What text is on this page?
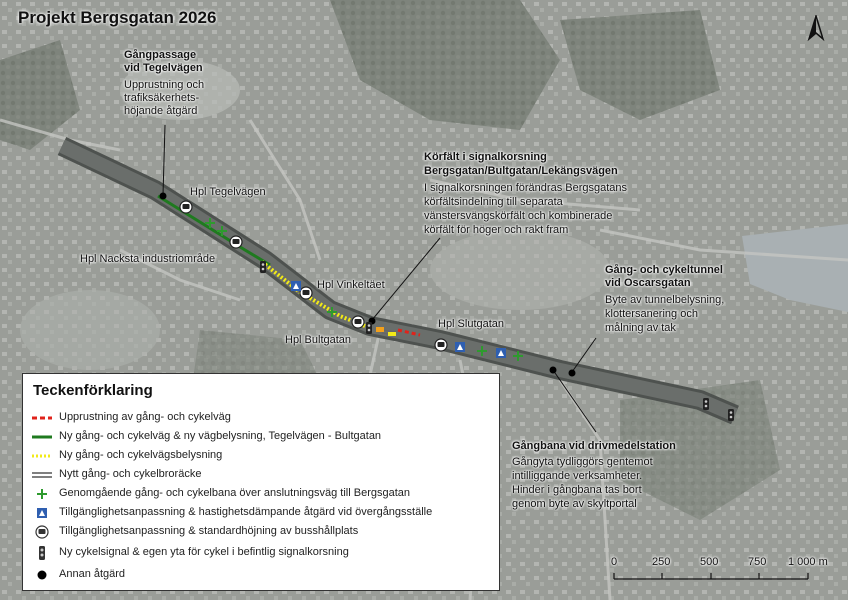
Projekt Bergsgatan 2026
Gångpassage
vid Tegelvägen
Upprustning och
trafiksäkerhets-
höjande åtgärd
Körfält i signalkorsning
Bergsgatan/Bultgatan/Lekängsvägen
I signalkorsningen förändras Bergsgatans
körfältsindelning till separata
vänstersvängskörfält och kombinerade
körfält för höger och rakt fram
Gång- och cykeltunnel
vid Oscarsgatan
Byte av tunnelbelysning,
klottersanering och
målning av tak
Gångbana vid drivmedelstation
Gångyta tydliggörs gentemot
intilliggande verksamheter.
Hinder i gångbana tas bort
genom byte av skyltportal
Hpl Tegelvägen
Hpl Nacksta industriområde
Hpl Vinkeltäet
Hpl Bultgatan
Hpl Slutgatan
Teckenförklaring
Upprustning av gång- och cykelväg
Ny gång- och cykelväg & ny vägbelysning, Tegelvägen - Bultgatan
Ny gång- och cykelvägsbelysning
Nytt gång- och cykelbroräcke
Genomgående gång- och cykelbana över anslutningsväg till Bergsgatan
Tillgänglighetsanpassning & hastighetsdämpande åtgärd vid övergångsställe
Tillgänglighetsanpassning & standardhöjning av busshållplats
Ny cykelsignal & egen yta för cykel i befintlig signalkorsning
Annan åtgärd
0	250	500	750 1 000 m
